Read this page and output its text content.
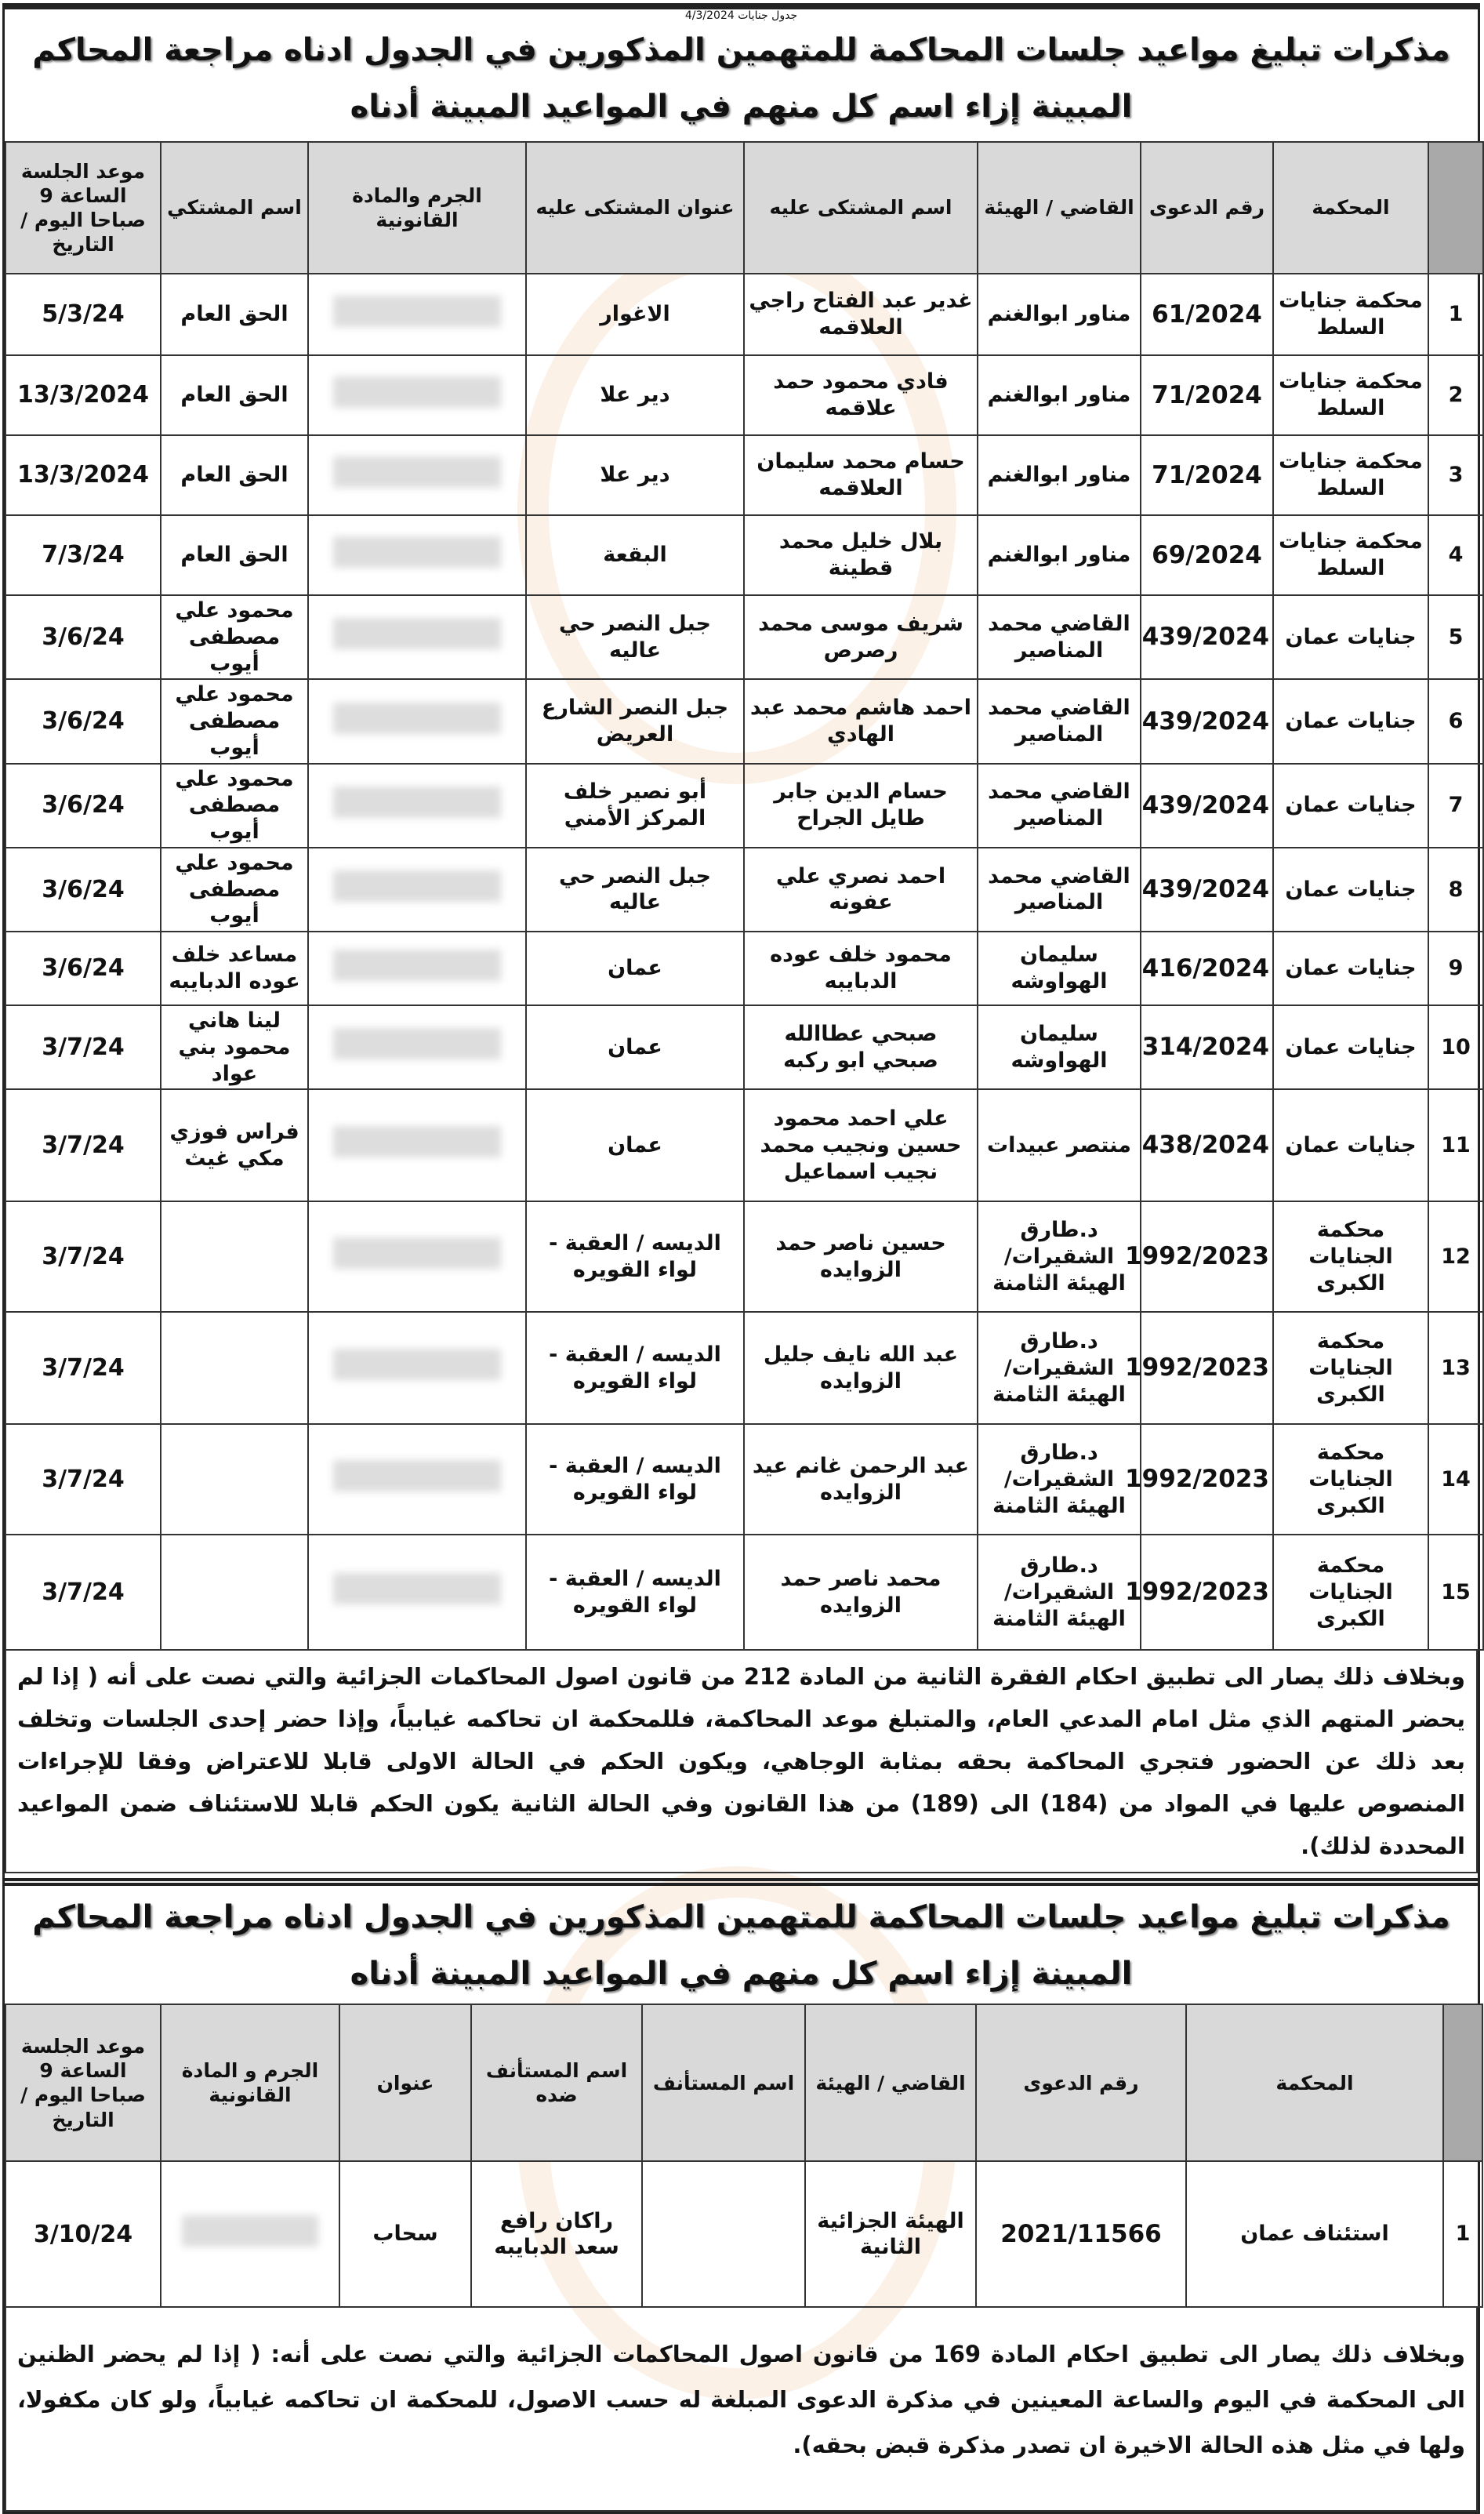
جدول جنايات 4/3/2024
مذكرات تبليغ مواعيد جلسات المحاكمة للمتهمين المذكورين في الجدول ادناه مراجعة المحاكم المبينة إزاء اسم كل منهم في المواعيد المبينة أدناه
	المحكمة	رقم الدعوى	القاضي / الهيئة	اسم المشتكى عليه	عنوان المشتكى عليه	الجرم والمادة القانونية	اسم المشتكي	موعد الجلسة الساعة 9 صباحا اليوم / التاريخ
1	محكمة جنايات السلط	61/2024	مناور ابوالغنم	غدير عبد الفتاح راجي العلاقمه	الاغوار		الحق العام	5/3/24
2	محكمة جنايات السلط	71/2024	مناور ابوالغنم	فادي محمود حمد علاقمه	دير علا		الحق العام	13/3/2024
3	محكمة جنايات السلط	71/2024	مناور ابوالغنم	حسام محمد سليمان العلاقمه	دير علا		الحق العام	13/3/2024
4	محكمة جنايات السلط	69/2024	مناور ابوالغنم	بلال خليل محمد قطينة	البقعة		الحق العام	7/3/24
5	جنايات عمان	439/2024	القاضي محمد المناصير	شريف موسى محمد رصرص	جبل النصر حي عاليه		محمود علي مصطفى أيوب	3/6/24
6	جنايات عمان	439/2024	القاضي محمد المناصير	احمد هاشم محمد عبد الهادي	جبل النصر الشارع العريض		محمود علي مصطفى أيوب	3/6/24
7	جنايات عمان	439/2024	القاضي محمد المناصير	حسام الدين جابر طايل الجراح	أبو نصير خلف المركز الأمني		محمود علي مصطفى أيوب	3/6/24
8	جنايات عمان	439/2024	القاضي محمد المناصير	احمد نصري علي عفونه	جبل النصر حي عاليه		محمود علي مصطفى أيوب	3/6/24
9	جنايات عمان	416/2024	سليمان الهواوشه	محمود خلف عوده الدبايبه	عمان		مساعد خلف عوده الدبايبه	3/6/24
10	جنايات عمان	314/2024	سليمان الهواوشه	صبحي عطاالله صبحي ابو ركبه	عمان		لينا هاني محمود بني عواد	3/7/24
11	جنايات عمان	438/2024	منتصر عبيدات	علي احمد محمود حسين ونجيب محمد نجيب اسماعيل	عمان		فراس فوزي مكي غيث	3/7/24
12	محكمة الجنايات الكبرى	1992/2023	د.طارق الشقيرات/الهيئة الثامنة	حسين ناصر حمد الزوايده	الديسه / العقبة - لواء القويره			3/7/24
13	محكمة الجنايات الكبرى	1992/2023	د.طارق الشقيرات/الهيئة الثامنة	عبد الله نايف جليل الزوايده	الديسه / العقبة - لواء القويره			3/7/24
14	محكمة الجنايات الكبرى	1992/2023	د.طارق الشقيرات/الهيئة الثامنة	عبد الرحمن غانم عيد الزوايده	الديسه / العقبة - لواء القويره			3/7/24
15	محكمة الجنايات الكبرى	1992/2023	د.طارق الشقيرات/الهيئة الثامنة	محمد ناصر حمد الزوايده	الديسه / العقبة - لواء القويره			3/7/24
وبخلاف ذلك يصار الى تطبيق احكام الفقرة الثانية من المادة 212 من قانون اصول المحاكمات الجزائية والتي نصت على أنه ( إذا لم يحضر المتهم الذي مثل امام المدعي العام، والمتبلغ موعد المحاكمة، فللمحكمة ان تحاكمه غيابياً، وإذا حضر إحدى الجلسات وتخلف بعد ذلك عن الحضور فتجري المحاكمة بحقه بمثابة الوجاهي، ويكون الحكم في الحالة الاولى قابلا للاعتراض وفقا للإجراءات المنصوص عليها في المواد من (184) الى (189) من هذا القانون وفي الحالة الثانية يكون الحكم قابلا للاستئناف ضمن المواعيد المحددة لذلك).
مذكرات تبليغ مواعيد جلسات المحاكمة للمتهمين المذكورين في الجدول ادناه مراجعة المحاكم المبينة إزاء اسم كل منهم في المواعيد المبينة أدناه
	المحكمة	رقم الدعوى	القاضي / الهيئة	اسم المستأنف	اسم المستأنف ضده	عنوان	الجرم و المادة القانونية	موعد الجلسة الساعة 9 صباحا اليوم / التاريخ
1	استئناف عمان	2021/11566	الهيئة الجزائية الثانية		راكان رافع سعد الدبايبه	سحاب		3/10/24
وبخلاف ذلك يصار الى تطبيق احكام المادة 169 من قانون اصول المحاكمات الجزائية والتي نصت على أنه: ( إذا لم يحضر الظنين الى المحكمة في اليوم والساعة المعينين في مذكرة الدعوى المبلغة له حسب الاصول، للمحكمة ان تحاكمه غيابياً، ولو كان مكفولا، ولها في مثل هذه الحالة الاخيرة ان تصدر مذكرة قبض بحقه).
